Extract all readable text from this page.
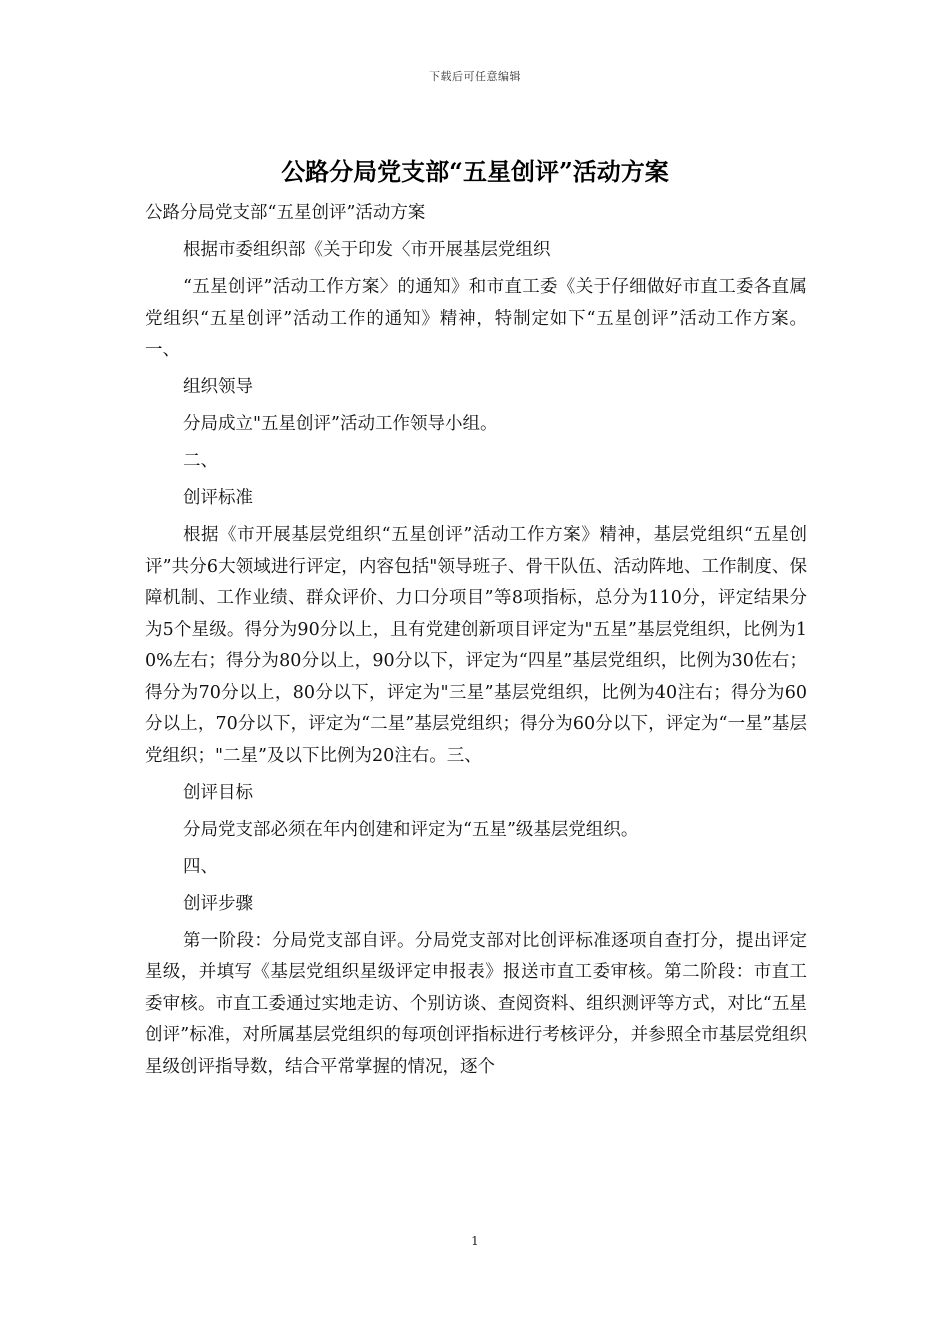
下载后可任意编辑
公路分局党支部“五星创评”活动方案

公路分局党支部“五星创评”活动方案

根据市委组织部《关于印发〈市开展基层党组织

“五星创评”活动工作方案〉的通知》和市直工委《关于仔细做好市直工委各直属党组织“五星创评”活动工作的通知》精神，特制定如下“五星创评”活动工作方案。一、

组织领导

分局成立"五星创评”活动工作领导小组。

二、

创评标准

根据《市开展基层党组织“五星创评”活动工作方案》精神，基层党组织“五星创评”共分6大领域进行评定，内容包括"领导班子、骨干队伍、活动阵地、工作制度、保障机制、工作业绩、群众评价、力口分项目”等8项指标，总分为110分，评定结果分为5个星级。得分为90分以上，且有党建创新项目评定为"五星”基层党组织，比例为10%左右；得分为80分以上，90分以下，评定为“四星”基层党组织，比例为30佐右；得分为70分以上，80分以下，评定为"三星”基层党组织，比例为40注右；得分为60分以上，70分以下，评定为“二星”基层党组织；得分为60分以下，评定为“一星”基层党组织；"二星”及以下比例为20注右。三、

创评目标

分局党支部必须在年内创建和评定为“五星”级基层党组织。

四、

创评步骤

第一阶段：分局党支部自评。分局党支部对比创评标准逐项自查打分，提出评定星级，并填写《基层党组织星级评定申报表》报送市直工委审核。第二阶段：市直工委审核。市直工委通过实地走访、个别访谈、查阅资料、组织测评等方式，对比“五星创评”标准，对所属基层党组织的每项创评指标进行考核评分，并参照全市基层党组织星级创评指导数，结合平常掌握的情况，逐个

1
